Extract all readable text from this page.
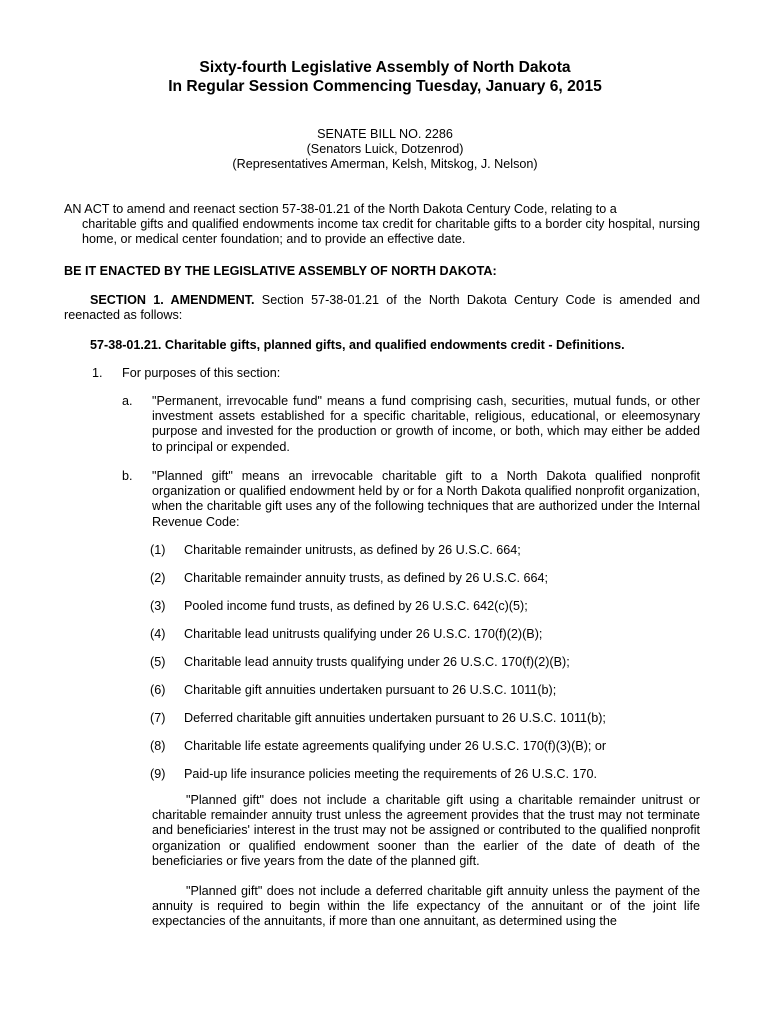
Sixty-fourth Legislative Assembly of North Dakota
In Regular Session Commencing Tuesday, January 6, 2015
SENATE BILL NO. 2286
(Senators Luick, Dotzenrod)
(Representatives Amerman, Kelsh, Mitskog, J. Nelson)
AN ACT to amend and reenact section 57-38-01.21 of the North Dakota Century Code, relating to a
charitable gifts and qualified endowments income tax credit for charitable gifts to a border city hospital, nursing home, or medical center foundation; and to provide an effective date.
BE IT ENACTED BY THE LEGISLATIVE ASSEMBLY OF NORTH DAKOTA:
SECTION 1. AMENDMENT. Section 57-38-01.21 of the North Dakota Century Code is amended and reenacted as follows:
57-38-01.21. Charitable gifts, planned gifts, and qualified endowments credit - Definitions.
1. For purposes of this section:
a. "Permanent, irrevocable fund" means a fund comprising cash, securities, mutual funds, or other investment assets established for a specific charitable, religious, educational, or eleemosynary purpose and invested for the production or growth of income, or both, which may either be added to principal or expended.
b. "Planned gift" means an irrevocable charitable gift to a North Dakota qualified nonprofit organization or qualified endowment held by or for a North Dakota qualified nonprofit organization, when the charitable gift uses any of the following techniques that are authorized under the Internal Revenue Code:
(1) Charitable remainder unitrusts, as defined by 26 U.S.C. 664;
(2) Charitable remainder annuity trusts, as defined by 26 U.S.C. 664;
(3) Pooled income fund trusts, as defined by 26 U.S.C. 642(c)(5);
(4) Charitable lead unitrusts qualifying under 26 U.S.C. 170(f)(2)(B);
(5) Charitable lead annuity trusts qualifying under 26 U.S.C. 170(f)(2)(B);
(6) Charitable gift annuities undertaken pursuant to 26 U.S.C. 1011(b);
(7) Deferred charitable gift annuities undertaken pursuant to 26 U.S.C. 1011(b);
(8) Charitable life estate agreements qualifying under 26 U.S.C. 170(f)(3)(B); or
(9) Paid-up life insurance policies meeting the requirements of 26 U.S.C. 170.
"Planned gift" does not include a charitable gift using a charitable remainder unitrust or charitable remainder annuity trust unless the agreement provides that the trust may not terminate and beneficiaries' interest in the trust may not be assigned or contributed to the qualified nonprofit organization or qualified endowment sooner than the earlier of the date of death of the beneficiaries or five years from the date of the planned gift.
"Planned gift" does not include a deferred charitable gift annuity unless the payment of the annuity is required to begin within the life expectancy of the annuitant or of the joint life expectancies of the annuitants, if more than one annuitant, as determined using the
